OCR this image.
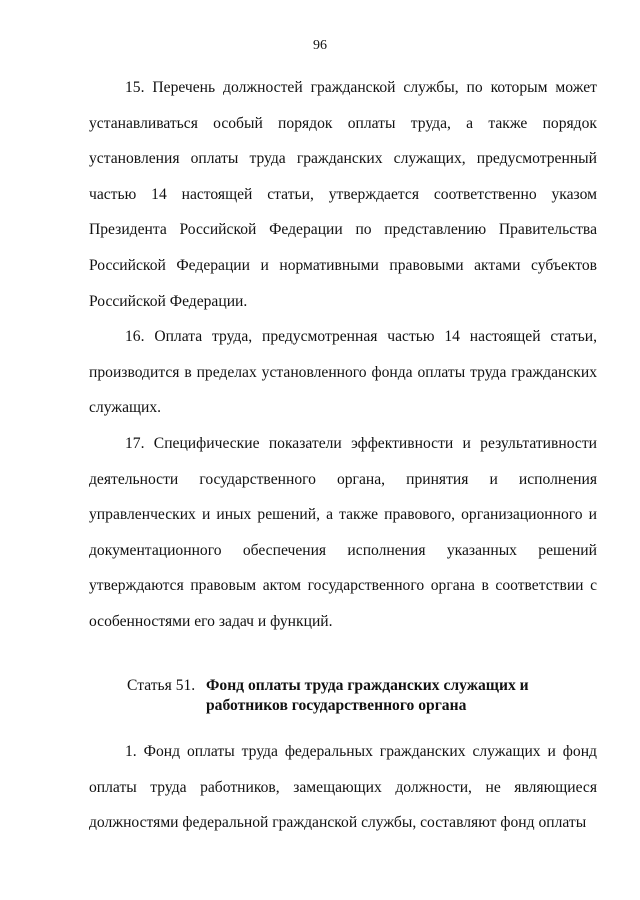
96

15. Перечень должностей гражданской службы, по которым может устанавливаться особый порядок оплаты труда, а также порядок установления оплаты труда гражданских служащих, предусмотренный частью 14 настоящей статьи, утверждается соответственно указом Президента Российской Федерации по представлению Правительства Российской Федерации и нормативными правовыми актами субъектов Российской Федерации.

16. Оплата труда, предусмотренная частью 14 настоящей статьи, производится в пределах установленного фонда оплаты труда гражданских служащих.

17. Специфические показатели эффективности и результативности деятельности государственного органа, принятия и исполнения управленческих и иных решений, а также правового, организационного и документационного обеспечения исполнения указанных решений утверждаются правовым актом государственного органа в соответствии с особенностями его задач и функций.

Статья 51. Фонд оплаты труда гражданских служащих и
работников государственного органа

1. Фонд оплаты труда федеральных гражданских служащих и фонд оплаты труда работников, замещающих должности, не являющиеся должностями федеральной гражданской службы, составляют фонд оплаты
